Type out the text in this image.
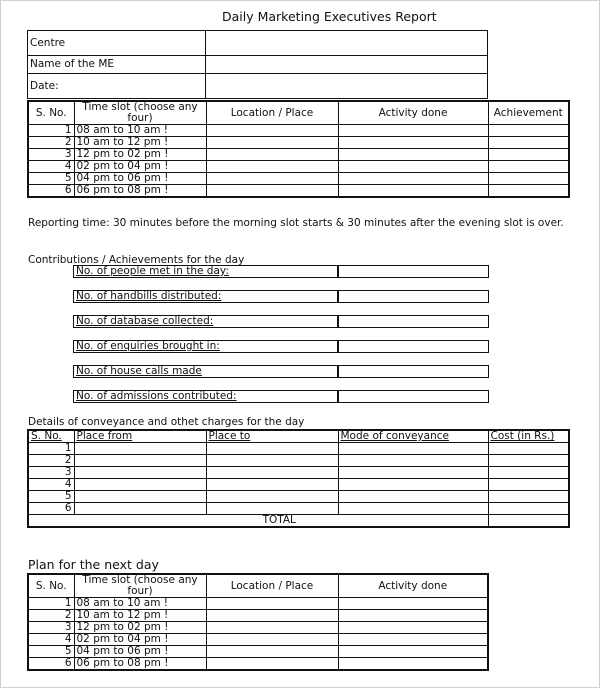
Daily Marketing Executives Report
Centre	
Name of the ME	
Date:	
S. No.	Time slot (choose any four)	Location / Place	Activity done	Achievement
1	08 am to 10 am !			
2	10 am to 12 pm !			
3	12 pm to 02 pm !			
4	02 pm to 04 pm !			
5	04 pm to 06 pm !			
6	06 pm to 08 pm !			
Reporting time: 30 minutes before the morning slot starts & 30 minutes after the evening slot is over.
Contributions / Achievements for the day
No. of people met in the day:
No. of handbills distributed:
No. of database collected:
No. of enquiries brought in:
No. of house calls made
No. of admissions contributed:
Details of conveyance and othet charges for the day
S. No.	Place from	Place to	Mode of conveyance	Cost (in Rs.)
1				
2				
3				
4				
5				
6				
TOTAL				
Plan for the next day
S. No.	Time slot (choose any four)	Location / Place	Activity done
1	08 am to 10 am !		
2	10 am to 12 pm !		
3	12 pm to 02 pm !		
4	02 pm to 04 pm !		
5	04 pm to 06 pm !		
6	06 pm to 08 pm !		
